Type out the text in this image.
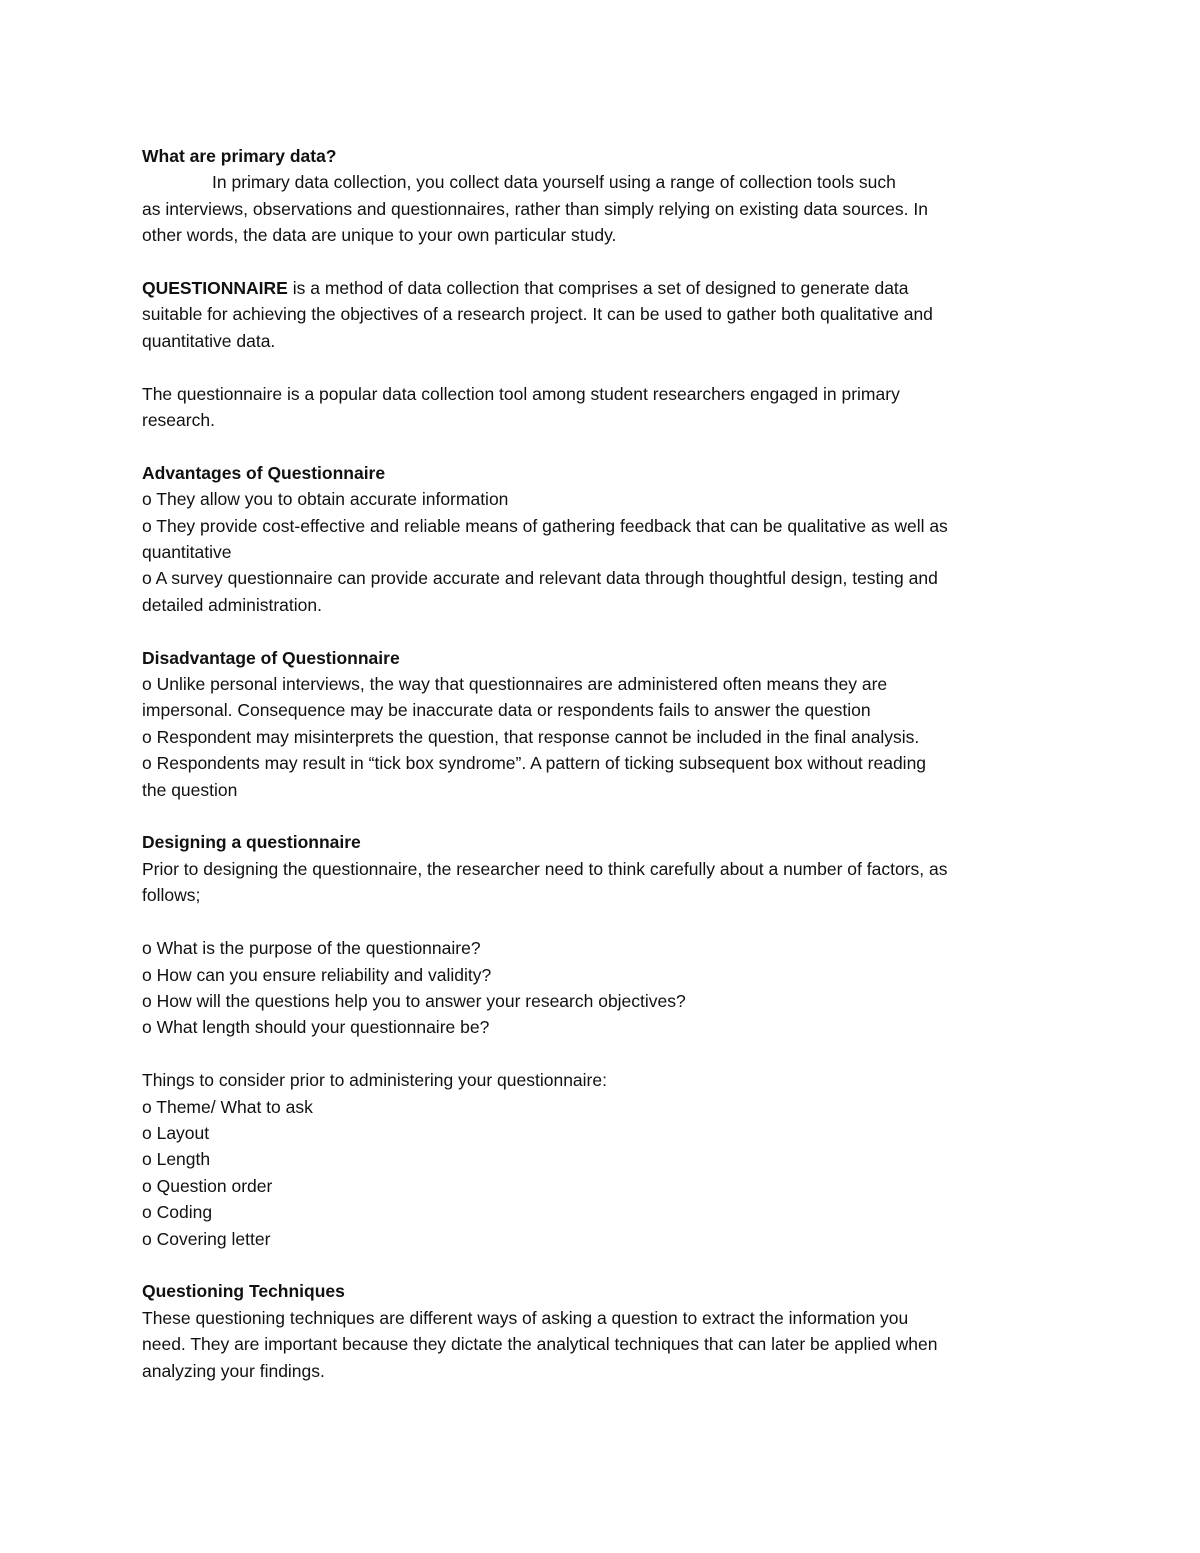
What are primary data?

In primary data collection, you collect data yourself using a range of collection tools such

as interviews, observations and questionnaires, rather than simply relying on existing data sources. In

other words, the data are unique to your own particular study.

QUESTIONNAIRE is a method of data collection that comprises a set of designed to generate data

suitable for achieving the objectives of a research project. It can be used to gather both qualitative and

quantitative data.

The questionnaire is a popular data collection tool among student researchers engaged in primary

research.

Advantages of Questionnaire

o They allow you to obtain accurate information

o They provide cost-effective and reliable means of gathering feedback that can be qualitative as well as

quantitative

o A survey questionnaire can provide accurate and relevant data through thoughtful design, testing and

detailed administration.

Disadvantage of Questionnaire

o Unlike personal interviews, the way that questionnaires are administered often means they are

impersonal. Consequence may be inaccurate data or respondents fails to answer the question

o Respondent may misinterprets the question, that response cannot be included in the final analysis.

o Respondents may result in “tick box syndrome”. A pattern of ticking subsequent box without reading

the question

Designing a questionnaire

Prior to designing the questionnaire, the researcher need to think carefully about a number of factors, as

follows;

o What is the purpose of the questionnaire?

o How can you ensure reliability and validity?

o How will the questions help you to answer your research objectives?

o What length should your questionnaire be?

Things to consider prior to administering your questionnaire:

o Theme/ What to ask

o Layout

o Length

o Question order

o Coding

o Covering letter

Questioning Techniques

These questioning techniques are different ways of asking a question to extract the information you

need. They are important because they dictate the analytical techniques that can later be applied when

analyzing your findings.
